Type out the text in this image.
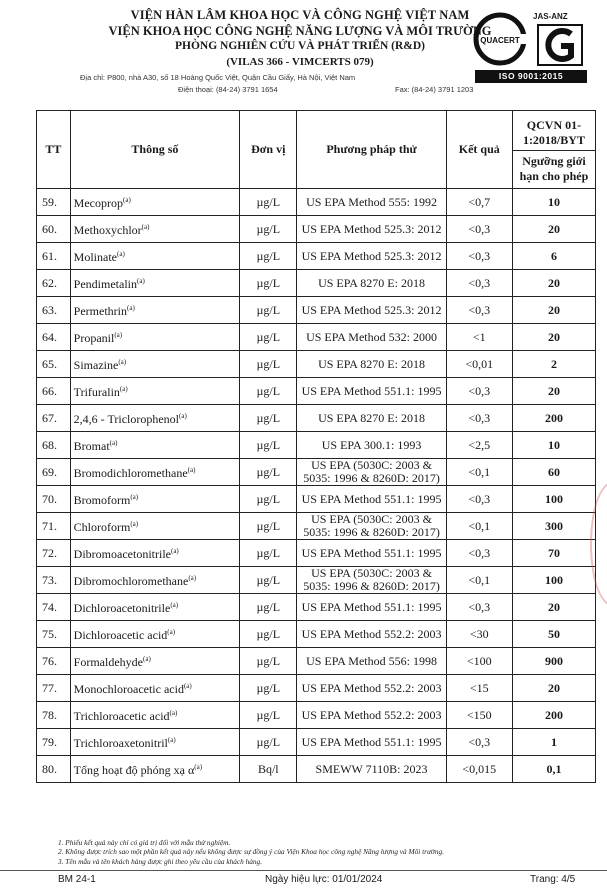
VIỆN HÀN LÂM KHOA HỌC VÀ CÔNG NGHỆ VIỆT NAM
VIỆN KHOA HỌC CÔNG NGHỆ NĂNG LƯỢNG VÀ MÔI TRƯỜNG
PHÒNG NGHIÊN CỨU VÀ PHÁT TRIỂN (R&D)
(VILAS 366 - VIMCERTS 079)
Địa chỉ: P800, nhà A30, số 18 Hoàng Quốc Việt, Quận Cầu Giấy, Hà Nội, Việt Nam
Điện thoại: (84-24) 3791 1654	Fax: (84-24) 3791 1203
QUACERT
JAS-ANZ
ISO 9001:2015
TT	Thông số	Đơn vị	Phương pháp thử	Kết quả	QCVN 01-1:2018/BYT
Ngưỡng giới hạn cho phép

59.	Mecoprop$^{(a)}$	µg/L	US EPA Method 555: 1992	<0,7	10
60.	Methoxychlor$^{(a)}$	µg/L	US EPA Method 525.3: 2012	<0,3	20
61.	Molinate$^{(a)}$	µg/L	US EPA Method 525.3: 2012	<0,3	6
62.	Pendimetalin$^{(a)}$	µg/L	US EPA 8270 E: 2018	<0,3	20
63.	Permethrin$^{(a)}$	µg/L	US EPA Method 525.3: 2012	<0,3	20
64.	Propanil$^{(a)}$	µg/L	US EPA Method 532: 2000	<1	20
65.	Simazine$^{(a)}$	µg/L	US EPA 8270 E: 2018	<0,01	2
66.	Trifuralin$^{(a)}$	µg/L	US EPA Method 551.1: 1995	<0,3	20
67.	2,4,6 - Triclorophenol$^{(a)}$	µg/L	US EPA 8270 E: 2018	<0,3	200
68.	Bromat$^{(a)}$	µg/L	US EPA 300.1: 1993	<2,5	10
69.	Bromodichloromethane$^{(a)}$	µg/L	US EPA (5030C: 2003 & 5035: 1996 & 8260D: 2017)	<0,1	60
70.	Bromoform$^{(a)}$	µg/L	US EPA Method 551.1: 1995	<0,3	100
71.	Chloroform$^{(a)}$	µg/L	US EPA (5030C: 2003 & 5035: 1996 & 8260D: 2017)	<0,1	300
72.	Dibromoacetonitrile$^{(a)}$	µg/L	US EPA Method 551.1: 1995	<0,3	70
73.	Dibromochloromethane$^{(a)}$	µg/L	US EPA (5030C: 2003 & 5035: 1996 & 8260D: 2017)	<0,1	100
74.	Dichloroacetonitrile$^{(a)}$	µg/L	US EPA Method 551.1: 1995	<0,3	20
75.	Dichloroacetic acid$^{(a)}$	µg/L	US EPA Method 552.2: 2003	<30	50
76.	Formaldehyde$^{(a)}$	µg/L	US EPA Method 556: 1998	<100	900
77.	Monochloroacetic acid$^{(a)}$	µg/L	US EPA Method 552.2: 2003	<15	20
78.	Trichloroacetic acid$^{(a)}$	µg/L	US EPA Method 552.2: 2003	<150	200
79.	Trichloroaxetonitril$^{(a)}$	µg/L	US EPA Method 551.1: 1995	<0,3	1
80.	Tổng hoạt độ phóng xạ $\alpha^{(a)}$	Bq/l	SMEWW 7110B: 2023	<0,015	0,1
1. Phiếu kết quả này chỉ có giá trị đối với mẫu thử nghiệm.
2. Không được trích sao một phần kết quả này nếu không được sự đồng ý của Viện Khoa học công nghệ Năng lượng và Môi trường.
3. Tên mẫu và tên khách hàng được ghi theo yêu cầu của khách hàng.
BM 24-1	Ngày hiệu lực: 01/01/2024	Trang: 4/5
